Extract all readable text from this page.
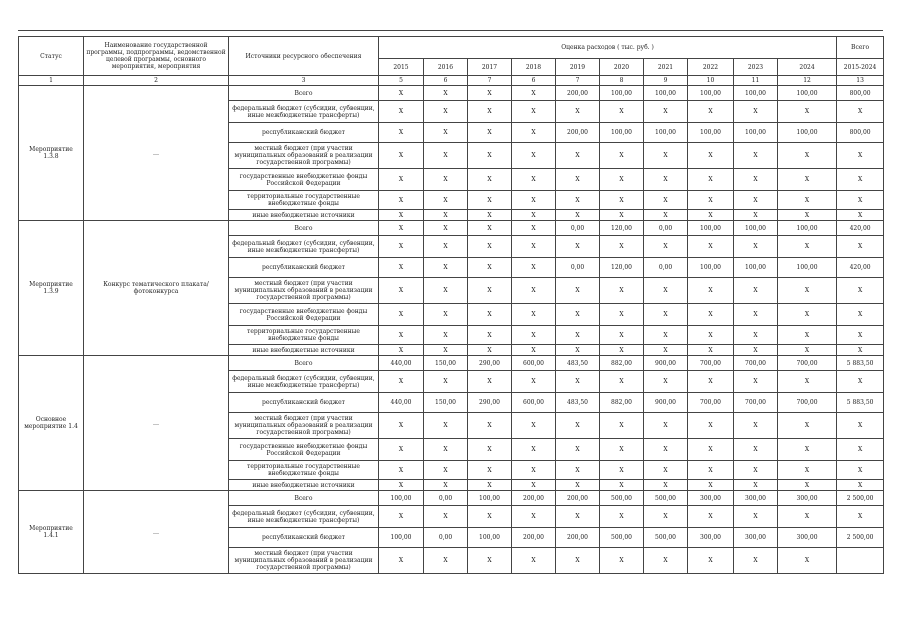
Статус	Наименование государственной программы, подпрограммы, ведомственной целевой программы, основного мероприятия, мероприятия	Источники ресурсного обеспечения	Оценка расходов ( тыс. руб. )										Всего
			2015	2016	2017	2018	2019	2020	2021	2022	2023	2024	2015-2024
1	2	3	5	6	7	6	7	8	9	10	11	12	13
Мероприятие 1.3.8	…	Всего	X	X	X	X	200,00	100,00	100,00	100,00	100,00	100,00	800,00
		федеральный бюджет (субсидии, субвенции, иные межбюджетные трансферты)	X	X	X	X	X	X	X	X	X	X	X
		республиканский бюджет	X	X	X	X	200,00	100,00	100,00	100,00	100,00	100,00	800,00
		местный бюджет (при участии муниципальных образований в реализации государственной программы)	X	X	X	X	X	X	X	X	X	X	X
		государственные внебюджетные фонды Российской Федерации	X	X	X	X	X	X	X	X	X	X	X
		территориальные государственные внебюджетные фонды	X	X	X	X	X	X	X	X	X	X	X
		иные внебюджетные источники	X	X	X	X	X	X	X	X	X	X	X
Мероприятие 1.3.9	Конкурс тематического плаката/фотоконкурса	Всего	X	X	X	X	0,00	120,00	0,00	100,00	100,00	100,00	420,00
		федеральный бюджет (субсидии, субвенции, иные межбюджетные трансферты)	X	X	X	X	X	X	X	X	X	X	X
		республиканский бюджет	X	X	X	X	0,00	120,00	0,00	100,00	100,00	100,00	420,00
		местный бюджет (при участии муниципальных образований в реализации государственной программы)	X	X	X	X	X	X	X	X	X	X	X
		государственные внебюджетные фонды Российской Федерации	X	X	X	X	X	X	X	X	X	X	X
		территориальные государственные внебюджетные фонды	X	X	X	X	X	X	X	X	X	X	X
		иные внебюджетные источники	X	X	X	X	X	X	X	X	X	X	X
Основное мероприятие 1.4	…	Всего	440,00	150,00	290,00	600,00	483,50	882,00	900,00	700,00	700,00	700,00	5 883,50
		федеральный бюджет (субсидии, субвенции, иные межбюджетные трансферты)	X	X	X	X	X	X	X	X	X	X	X
		республиканский бюджет	440,00	150,00	290,00	600,00	483,50	882,00	900,00	700,00	700,00	700,00	5 883,50
		местный бюджет (при участии муниципальных образований в реализации государственной программы)	X	X	X	X	X	X	X	X	X	X	X
		государственные внебюджетные фонды Российской Федерации	X	X	X	X	X	X	X	X	X	X	X
		территориальные государственные внебюджетные фонды	X	X	X	X	X	X	X	X	X	X	X
		иные внебюджетные источники	X	X	X	X	X	X	X	X	X	X	X
Мероприятие 1.4.1	…	Всего	100,00	0,00	100,00	200,00	200,00	500,00	500,00	300,00	300,00	300,00	2 500,00
		федеральный бюджет (субсидии, субвенции, иные межбюджетные трансферты)	X	X	X	X	X	X	X	X	X	X	X
		республиканский бюджет	100,00	0,00	100,00	200,00	200,00	500,00	500,00	300,00	300,00	300,00	2 500,00
		местный бюджет (при участии муниципальных образований в реализации государственной программы)	X	X	X	X	X	X	X	X	X	X	
